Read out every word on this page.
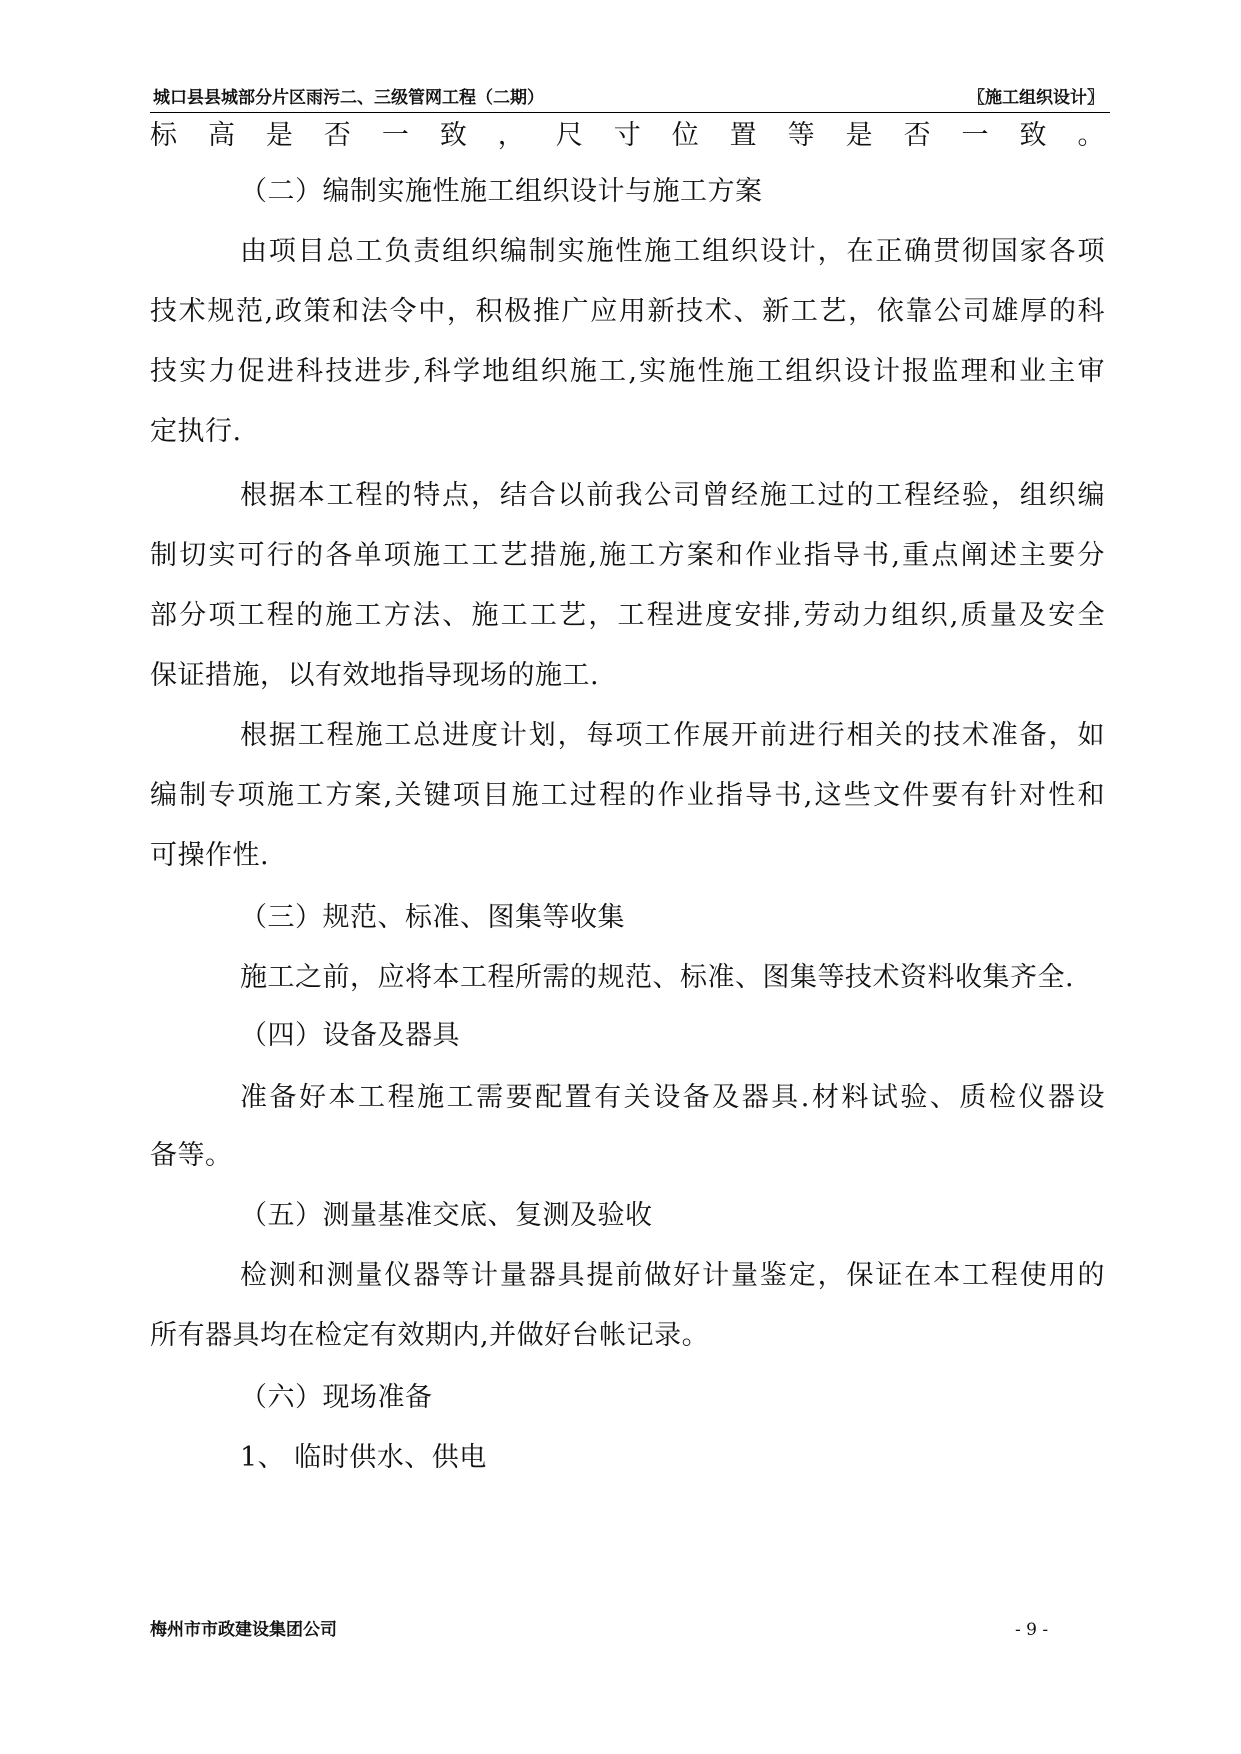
城口县县城部分片区雨污二、三级管网工程（二期）	〖施工组织设计〗
标高是否一致，尺寸位置等是否一致。
（二）编制实施性施工组织设计与施工方案
由项目总工负责组织编制实施性施工组织设计，在正确贯彻国家各项
技术规范,政策和法令中，积极推广应用新技术、新工艺，依靠公司雄厚的科
技实力促进科技进步,科学地组织施工,实施性施工组织设计报监理和业主审
定执行.
根据本工程的特点，结合以前我公司曾经施工过的工程经验，组织编
制切实可行的各单项施工工艺措施,施工方案和作业指导书,重点阐述主要分
部分项工程的施工方法、施工工艺，工程进度安排,劳动力组织,质量及安全
保证措施，以有效地指导现场的施工.
根据工程施工总进度计划，每项工作展开前进行相关的技术准备，如
编制专项施工方案,关键项目施工过程的作业指导书,这些文件要有针对性和
可操作性.
（三）规范、标准、图集等收集
施工之前，应将本工程所需的规范、标准、图集等技术资料收集齐全.
（四）设备及器具
准备好本工程施工需要配置有关设备及器具.材料试验、质检仪器设
备等。
（五）测量基准交底、复测及验收
检测和测量仪器等计量器具提前做好计量鉴定，保证在本工程使用的
所有器具均在检定有效期内,并做好台帐记录。
（六）现场准备
1、 临时供水、供电
梅州市市政建设集团公司	- 9 -
